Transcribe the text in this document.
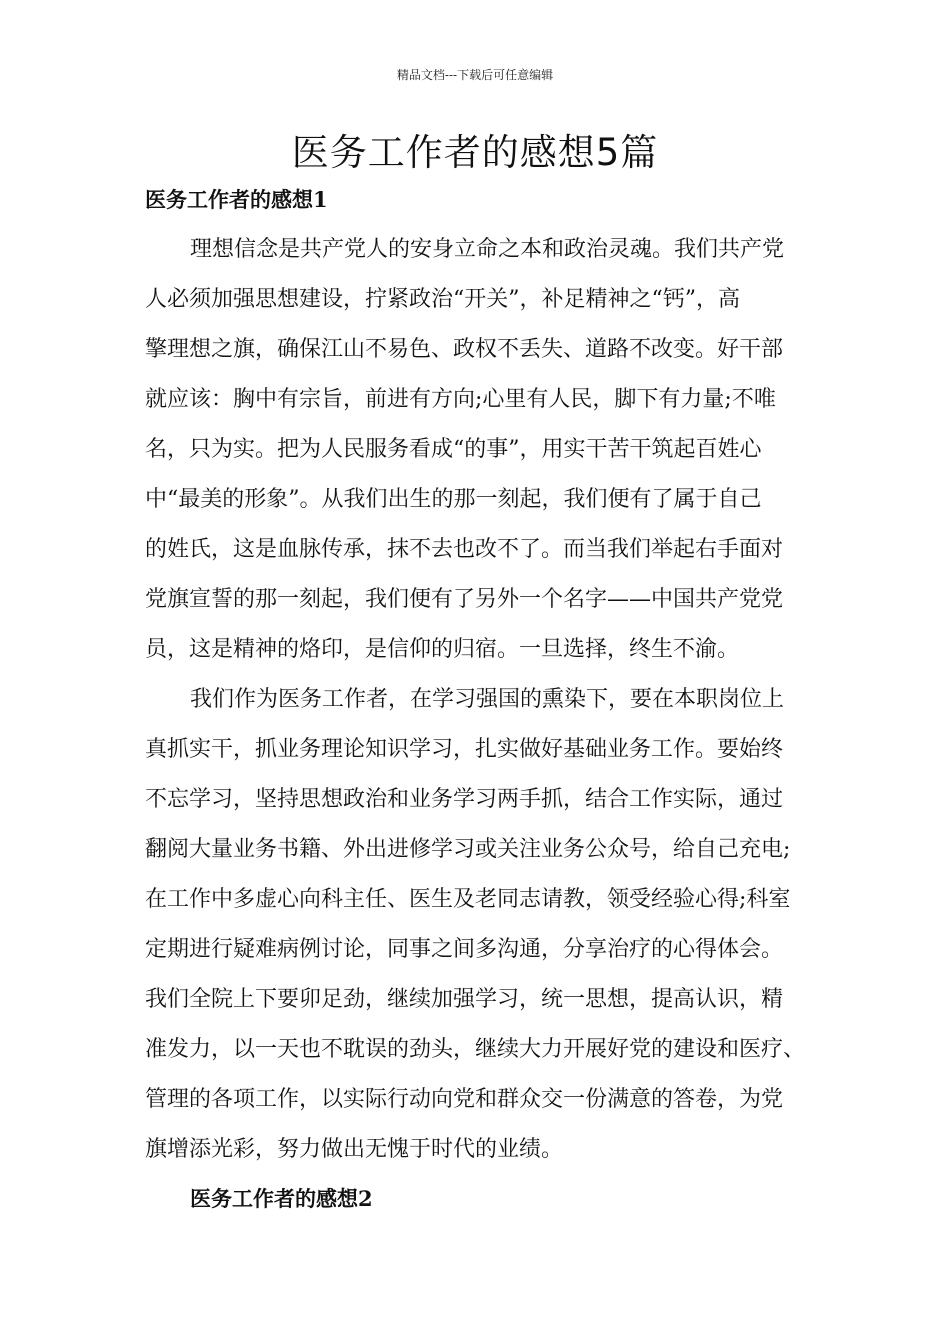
精品文档---下载后可任意编辑
医务工作者的感想5篇
医务工作者的感想1

理想信念是共产党人的安身立命之本和政治灵魂。我们共产党

人必须加强思想建设，拧紧政治“开关”，补足精神之“钙”，高

擎理想之旗，确保江山不易色、政权不丢失、道路不改变。好干部

就应该：胸中有宗旨，前进有方向;心里有人民，脚下有力量;不唯

名，只为实。把为人民服务看成“的事”，用实干苦干筑起百姓心

中“最美的形象”。从我们出生的那一刻起，我们便有了属于自己

的姓氏，这是血脉传承，抹不去也改不了。而当我们举起右手面对

党旗宣誓的那一刻起，我们便有了另外一个名字——中国共产党党

员，这是精神的烙印，是信仰的归宿。一旦选择，终生不渝。

我们作为医务工作者，在学习强国的熏染下，要在本职岗位上

真抓实干，抓业务理论知识学习，扎实做好基础业务工作。要始终

不忘学习，坚持思想政治和业务学习两手抓，结合工作实际，通过

翻阅大量业务书籍、外出进修学习或关注业务公众号，给自己充电;

在工作中多虚心向科主任、医生及老同志请教，领受经验心得;科室

定期进行疑难病例讨论，同事之间多沟通，分享治疗的心得体会。

我们全院上下要卯足劲，继续加强学习，统一思想，提高认识，精

准发力，以一天也不耽误的劲头，继续大力开展好党的建设和医疗、

管理的各项工作，以实际行动向党和群众交一份满意的答卷，为党

旗增添光彩，努力做出无愧于时代的业绩。

医务工作者的感想2
